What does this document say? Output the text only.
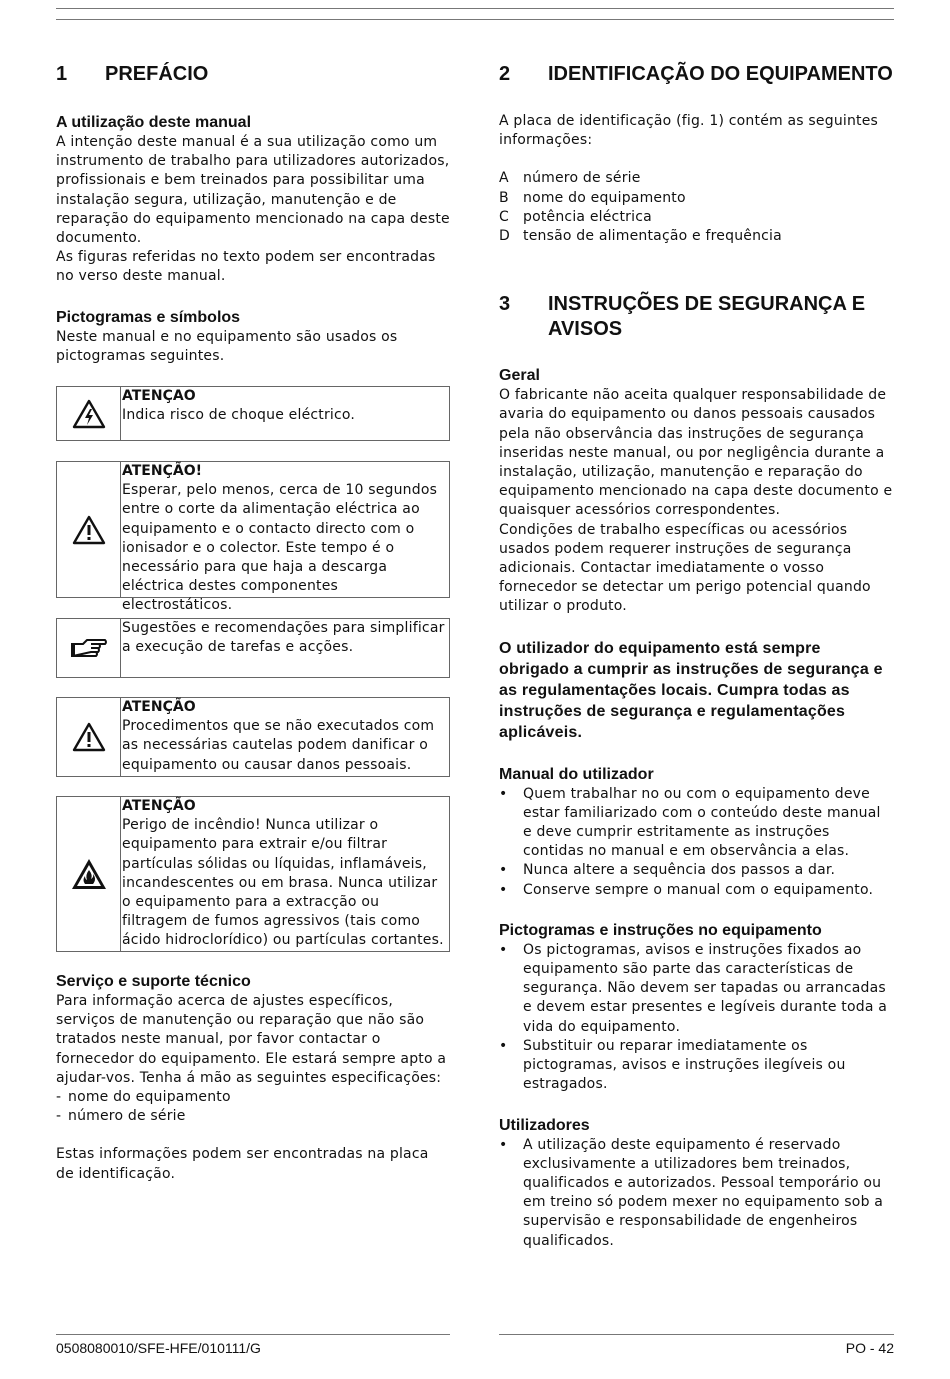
1	PREFÁCIO
A utilização deste manual

A intenção deste manual é a sua utilização como um instrumento de trabalho para utilizadores autorizados, profissionais e bem treinados para possibilitar uma instalação segura, utilização, manutenção e de reparação do equipamento mencionado na capa deste documento.

As figuras referidas no texto podem ser encontradas no verso deste manual.

Pictogramas e símbolos

Neste manual e no equipamento são usados os pictogramas seguintes.

ATENÇAO
Indica risco de choque eléctrico.
ATENÇÃO!
Esperar, pelo menos, cerca de 10 segundos entre o corte da alimentação eléctrica ao equipamento e o contacto directo com o ionisador e o colector. Este tempo é o necessário para que haja a descarga eléctrica destes componentes electrostáticos.
Sugestões e recomendações para simplificar a execução de tarefas e acções.
ATENÇÃO
Procedimentos que se não executados com as necessárias cautelas podem danificar o equipamento ou causar danos pessoais.
ATENÇÃO
Perigo de incêndio! Nunca utilizar o equipamento para extrair e/ou filtrar partículas sólidas ou líquidas, inflamáveis, incandescentes ou em brasa. Nunca utilizar o equipamento para a extracção ou filtragem de fumos agressivos (tais como ácido hidroclorídico) ou partículas cortantes.
Serviço e suporte técnico

Para informação acerca de ajustes específicos, serviços de manutenção ou reparação que não são tratados neste manual, por favor contactar o fornecedor do equipamento. Ele estará sempre apto a ajudar-vos. Tenha á mão as seguintes especificações:

- nome do equipamento
- número de série

Estas informações podem ser encontradas na placa de identificação.

2	IDENTIFICAÇÃO DO EQUIPAMENTO

A placa de identificação (fig. 1) contém as seguintes informações:

A	número de série
B	nome do equipamento
C	potência eléctrica
D tensão de alimentação e frequência
3	INSTRUÇÕES DE SEGURANÇA E AVISOS
Geral

O fabricante não aceita qualquer responsabilidade de avaria do equipamento ou danos pessoais causados pela não observância das instruções de segurança inseridas neste manual, ou por negligência durante a instalação, utilização, manutenção e reparação do equipamento mencionado na capa deste documento e quaisquer acessórios correspondentes.

Condições de trabalho específicas ou acessórios usados podem requerer instruções de segurança adicionais. Contactar imediatamente o vosso fornecedor se detectar um perigo potencial quando utilizar o produto.

O utilizador do equipamento está sempre obrigado a cumprir as instruções de segurança e as regulamentações locais. Cumpra todas as instruções de segurança e regulamentações aplicáveis.

Manual do utilizador
•	Quem trabalhar no ou com o equipamento deve estar familiarizado com o conteúdo deste manual e deve cumprir estritamente as instruções contidas no manual e em observância a elas.
•	Nunca altere a sequência dos passos a dar.
•	Conserve sempre o manual com o equipamento.
Pictogramas e instruções no equipamento
•	Os pictogramas, avisos e instruções fixados ao equipamento são parte das características de segurança. Não devem ser tapadas ou arrancadas e devem estar presentes e legíveis durante toda a vida do equipamento.
•	Substituir ou reparar imediatamente os pictogramas, avisos e instruções ilegíveis ou estragados.
Utilizadores
•	A utilização deste equipamento é reservado exclusivamente a utilizadores bem treinados, qualificados e autorizados. Pessoal temporário ou em treino só podem mexer no equipamento sob a supervisão e responsabilidade de engenheiros qualificados.
0508080010/SFE-HFE/010111/G	PO - 42
